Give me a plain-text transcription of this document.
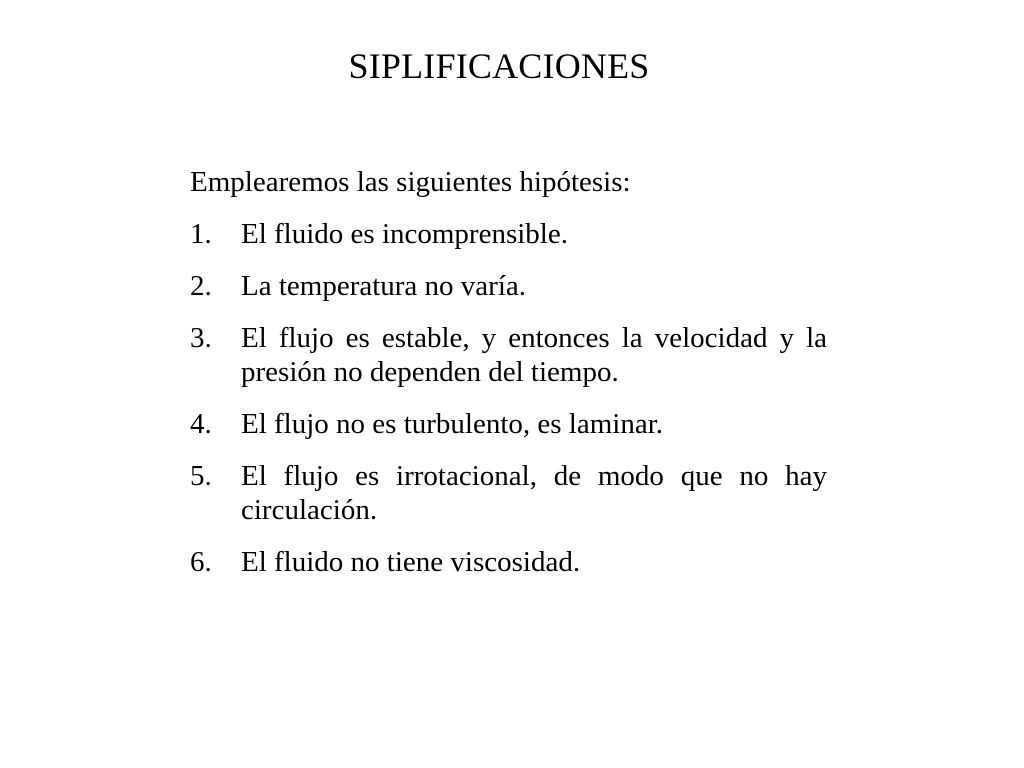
SIPLIFICACIONES
Emplearemos las siguientes hipótesis:
1.	El fluido es incomprensible.
2.	La temperatura no varía.
3.	El flujo es estable, y entonces la velocidad y la presión no dependen del tiempo.
4.	El flujo no es turbulento, es laminar.
5.	El flujo es irrotacional, de modo que no hay circulación.
6.	El fluido no tiene viscosidad.
